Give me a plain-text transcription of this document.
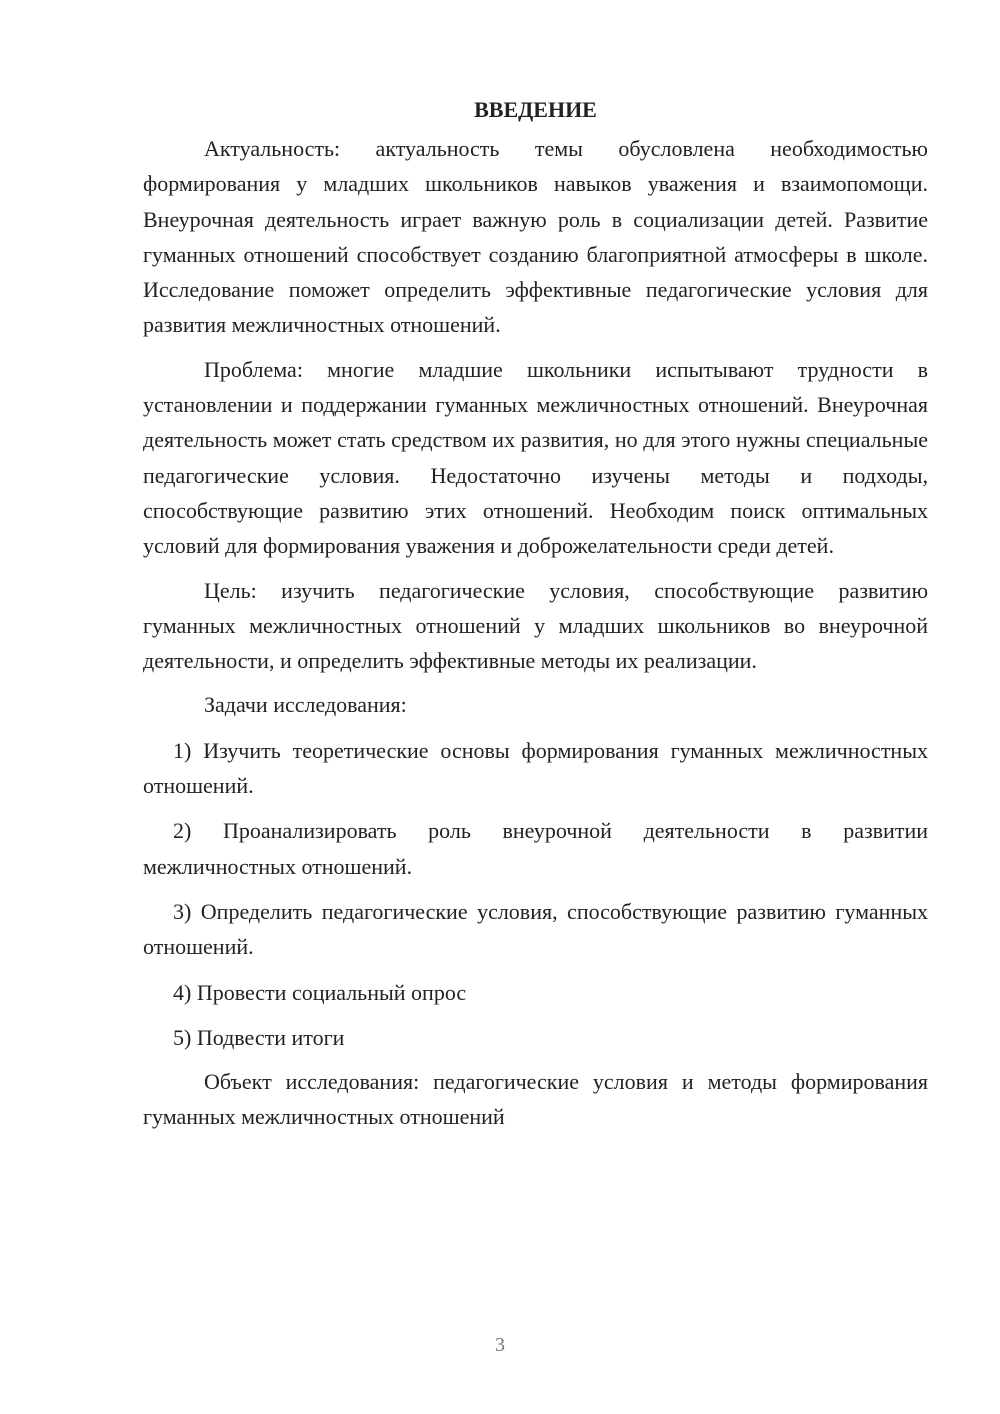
ВВЕДЕНИЕ

Актуальность: актуальность темы обусловлена необходимостью формирования у младших школьников навыков уважения и взаимопомощи. Внеурочная деятельность играет важную роль в социализации детей. Развитие гуманных отношений способствует созданию благоприятной атмосферы в школе. Исследование поможет определить эффективные педагогические условия для развития межличностных отношений.

Проблема: многие младшие школьники испытывают трудности в установлении и поддержании гуманных межличностных отношений. Внеурочная деятельность может стать средством их развития, но для этого нужны специальные педагогические условия. Недостаточно изучены методы и подходы, способствующие развитию этих отношений. Необходим поиск оптимальных условий для формирования уважения и доброжелательности среди детей.

Цель: изучить педагогические условия, способствующие развитию гуманных межличностных отношений у младших школьников во внеурочной деятельности, и определить эффективные методы их реализации.

Задачи исследования:

1) Изучить теоретические основы формирования гуманных межличностных отношений.

2) Проанализировать роль внеурочной деятельности в развитии межличностных отношений.

3) Определить педагогические условия, способствующие развитию гуманных отношений.

4) Провести социальный опрос

5) Подвести итоги

Объект исследования: педагогические условия и методы формирования гуманных межличностных отношений

3
